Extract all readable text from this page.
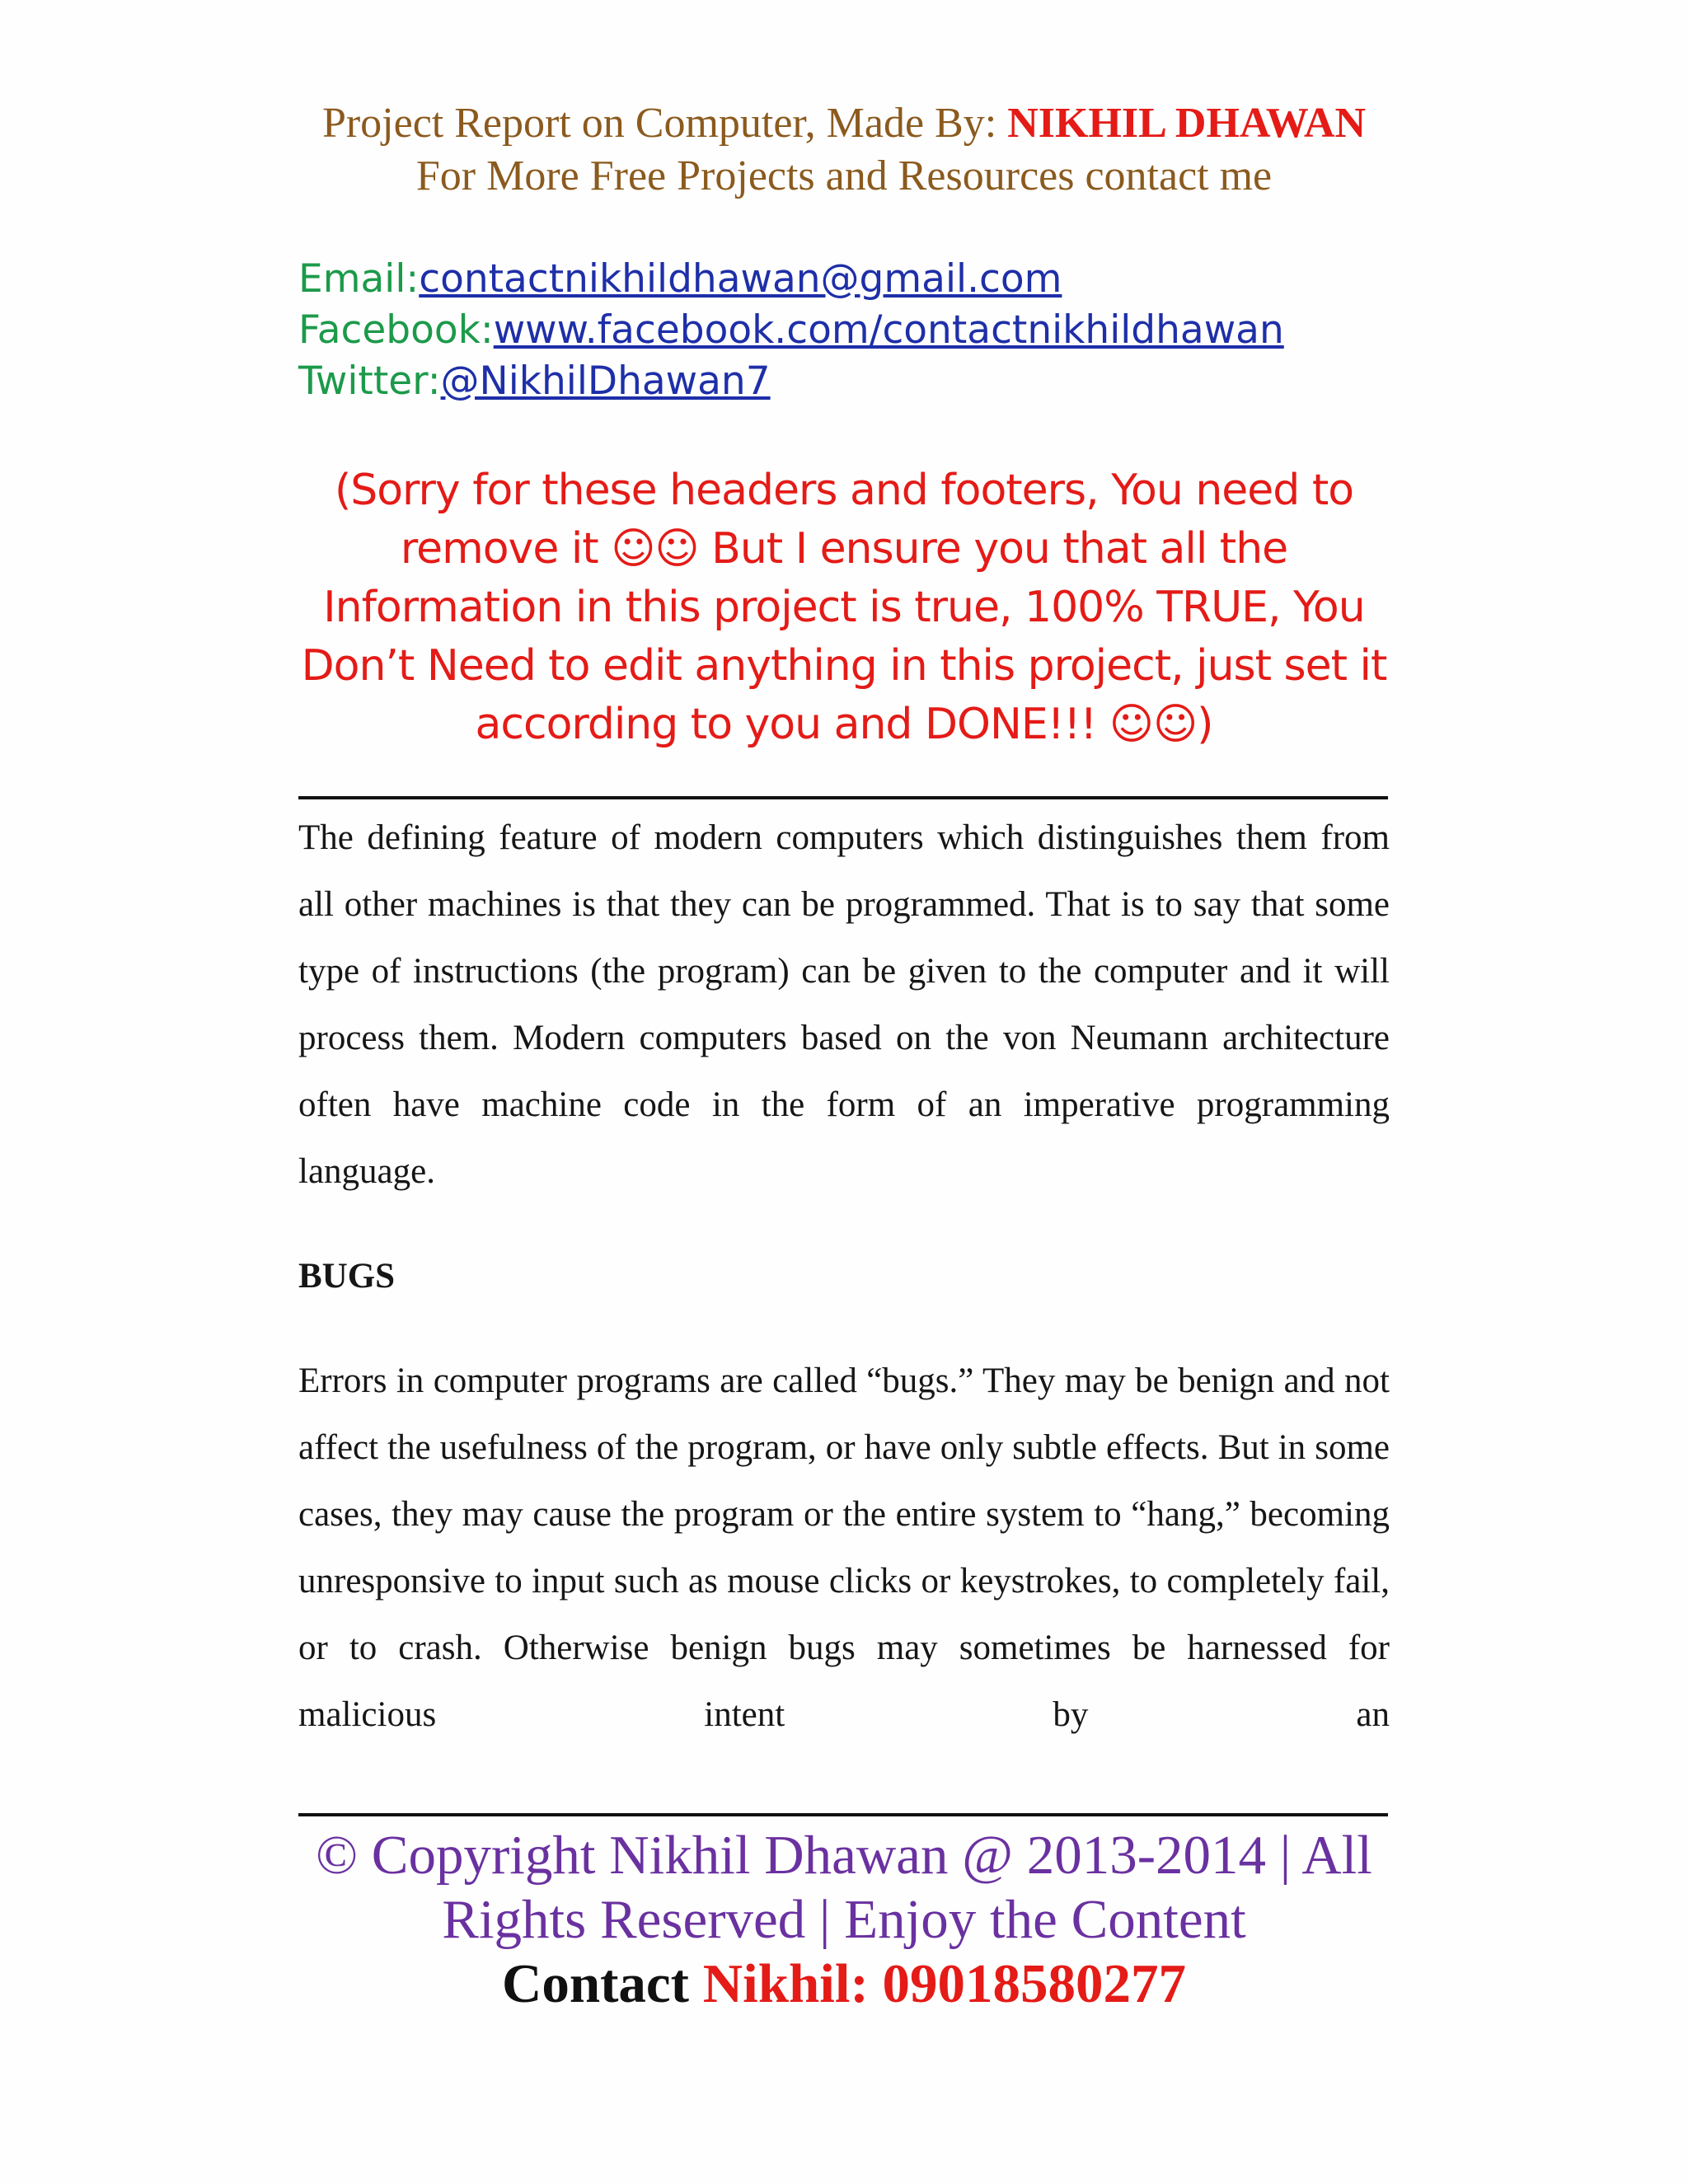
Project Report on Computer, Made By: NIKHIL DHAWAN
For More Free Projects and Resources contact me
Email:contactnikhildhawan@gmail.com
Facebook:www.facebook.com/contactnikhildhawan
Twitter:@NikhilDhawan7
(Sorry for these headers and footers, You need to remove it ☺☺ But I ensure you that all the Information in this project is true, 100% TRUE, You Don’t Need to edit anything in this project, just set it according to you and DONE!!! ☺☺)

The defining feature of modern computers which distinguishes them from all other machines is that they can be programmed. That is to say that some type of instructions (the program) can be given to the computer and it will process them. Modern computers based on the von Neumann architecture often have machine code in the form of an imperative programming language.

BUGS

Errors in computer programs are called “bugs.” They may be benign and not affect the usefulness of the program, or have only subtle effects. But in some cases, they may cause the program or the entire system to “hang,” becoming unresponsive to input such as mouse clicks or keystrokes, to completely fail, or to crash. Otherwise benign bugs may sometimes be harnessed for malicious intent by an

© Copyright Nikhil Dhawan @ 2013-2014 | All Rights Reserved | Enjoy the Content
Contact Nikhil: 09018580277
